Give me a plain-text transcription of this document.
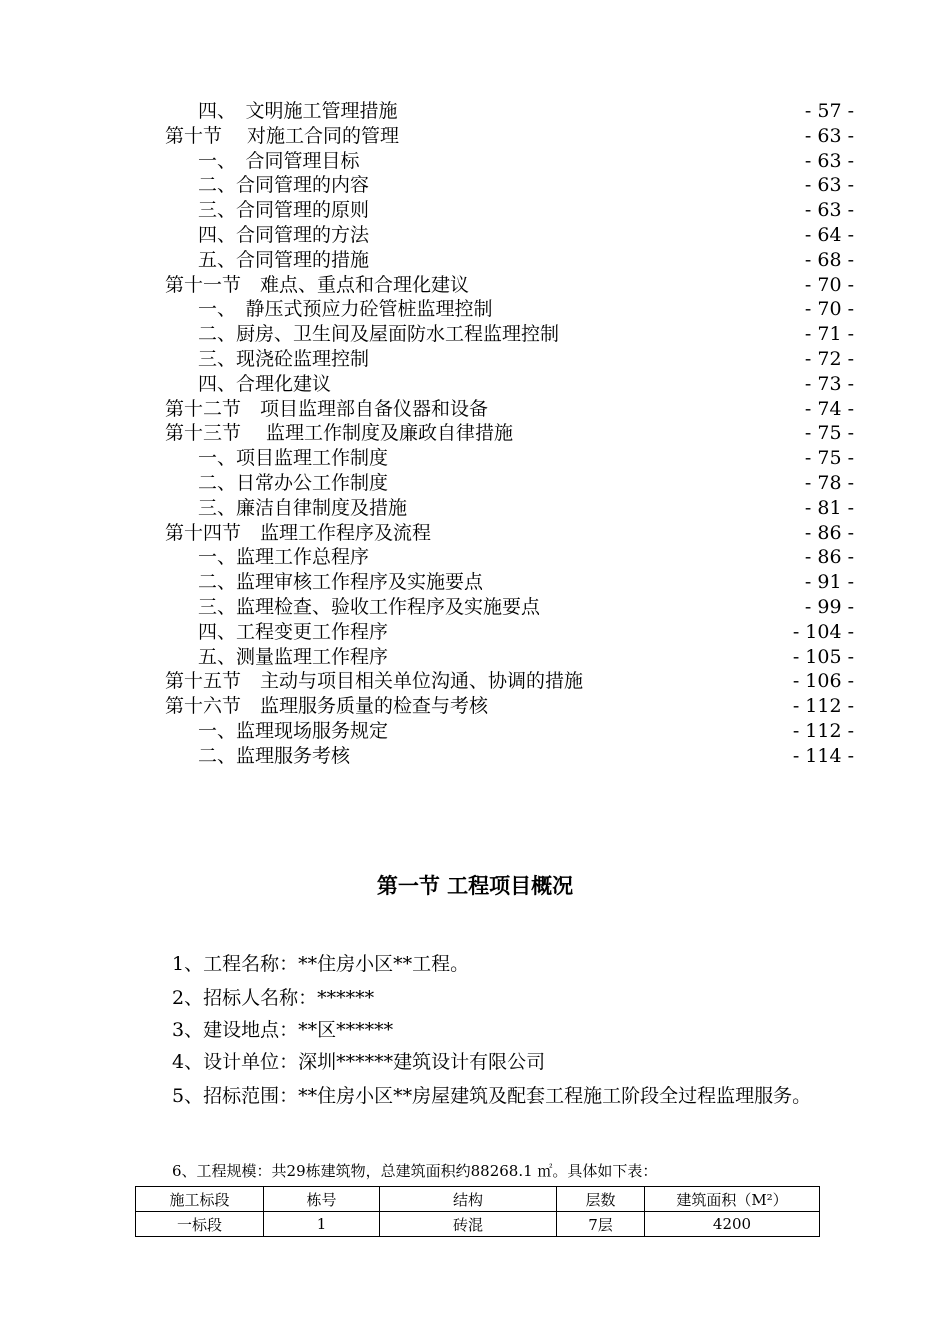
四、　文明施工管理措施	- 57 -
第十节　 对施工合同的管理	- 63 -
一、　合同管理目标	- 63 -
二、合同管理的内容	- 63 -
三、合同管理的原则	- 63 -
四、合同管理的方法	- 64 -
五、合同管理的措施	- 68 -
第十一节　难点、重点和合理化建议	- 70 -
一、　静压式预应力砼管桩监理控制	- 70 -
二、厨房、卫生间及屋面防水工程监理控制	- 71 -
三、现浇砼监理控制	- 72 -
四、合理化建议	- 73 -
第十二节　项目监理部自备仪器和设备	- 74 -
第十三节　 监理工作制度及廉政自律措施	- 75 -
一、项目监理工作制度	- 75 -
二、日常办公工作制度	- 78 -
三、廉洁自律制度及措施	- 81 -
第十四节　监理工作程序及流程	- 86 -
一、监理工作总程序	- 86 -
二、监理审核工作程序及实施要点	- 91 -
三、监理检查、验收工作程序及实施要点	- 99 -
四、工程变更工作程序	- 104 -
五、测量监理工作程序	- 105 -
第十五节　主动与项目相关单位沟通、协调的措施	- 106 -
第十六节　监理服务质量的检查与考核	- 112 -
一、监理现场服务规定	- 112 -
二、监理服务考核	- 114 -
第一节 工程项目概况
1、工程名称：**住房小区**工程。
2、招标人名称：******
3、建设地点：**区******
4、设计单位：深圳******建筑设计有限公司
5、招标范围：**住房小区**房屋建筑及配套工程施工阶段全过程监理服务。
6、工程规模：共29栋建筑物，总建筑面积约88268.1 ㎡。具体如下表：
施工标段	栋号	结构	层数	建筑面积（M²）
一标段	1	砖混	7层	4200
